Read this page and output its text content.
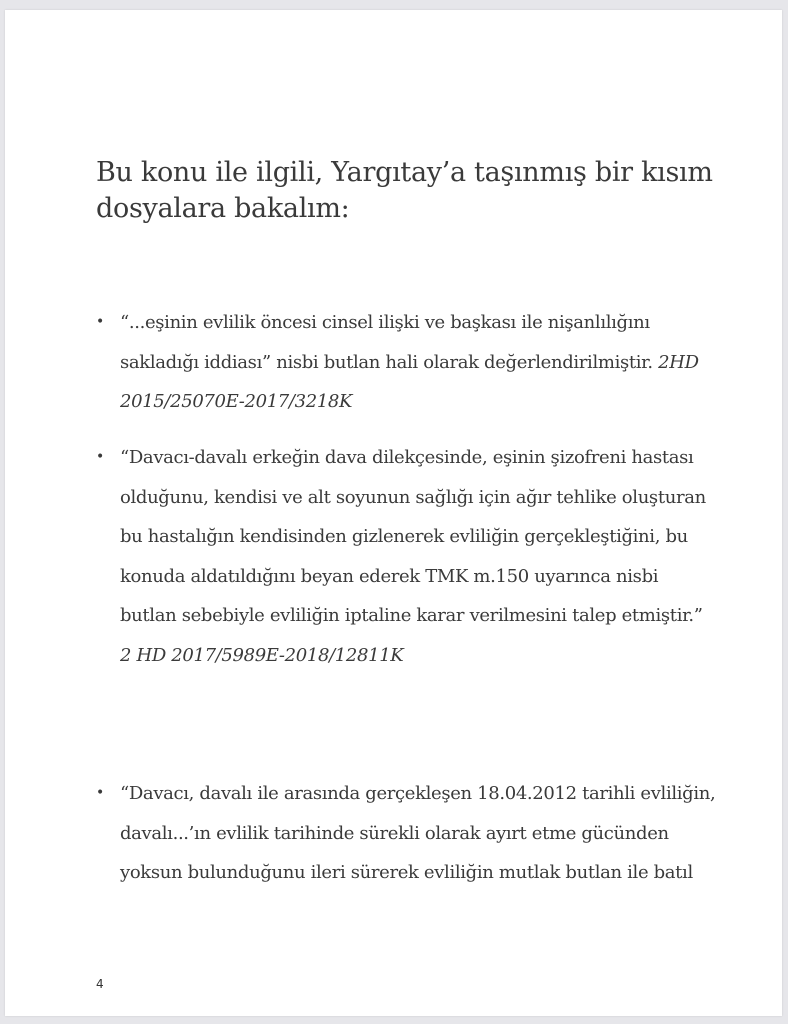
Bu konu ile ilgili, Yargıtay’a taşınmış bir kısım dosyalara bakalım:
• “...eşinin evlilik öncesi cinsel ilişki ve başkası ile nişanlılığını sakladığı iddiası” nisbi butlan hali olarak değerlendirilmiştir. 2HD 2015/25070E-2017/3218K
• “Davacı-davalı erkeğin dava dilekçesinde, eşinin şizofreni hastası olduğunu, kendisi ve alt soyunun sağlığı için ağır tehlike oluşturan bu hastalığın kendisinden gizlenerek evliliğin gerçekleştiğini, bu konuda aldatıldığını beyan ederek TMK m.150 uyarınca nisbi butlan sebebiyle evliliğin iptaline karar verilmesini talep etmiştir.” 2 HD 2017/5989E-2018/12811K
• “Davacı, davalı ile arasında gerçekleşen 18.04.2012 tarihli evliliğin, davalı...’ın evlilik tarihinde sürekli olarak ayırt etme gücünden yoksun bulunduğunu ileri sürerek evliliğin mutlak butlan ile batıl
4
